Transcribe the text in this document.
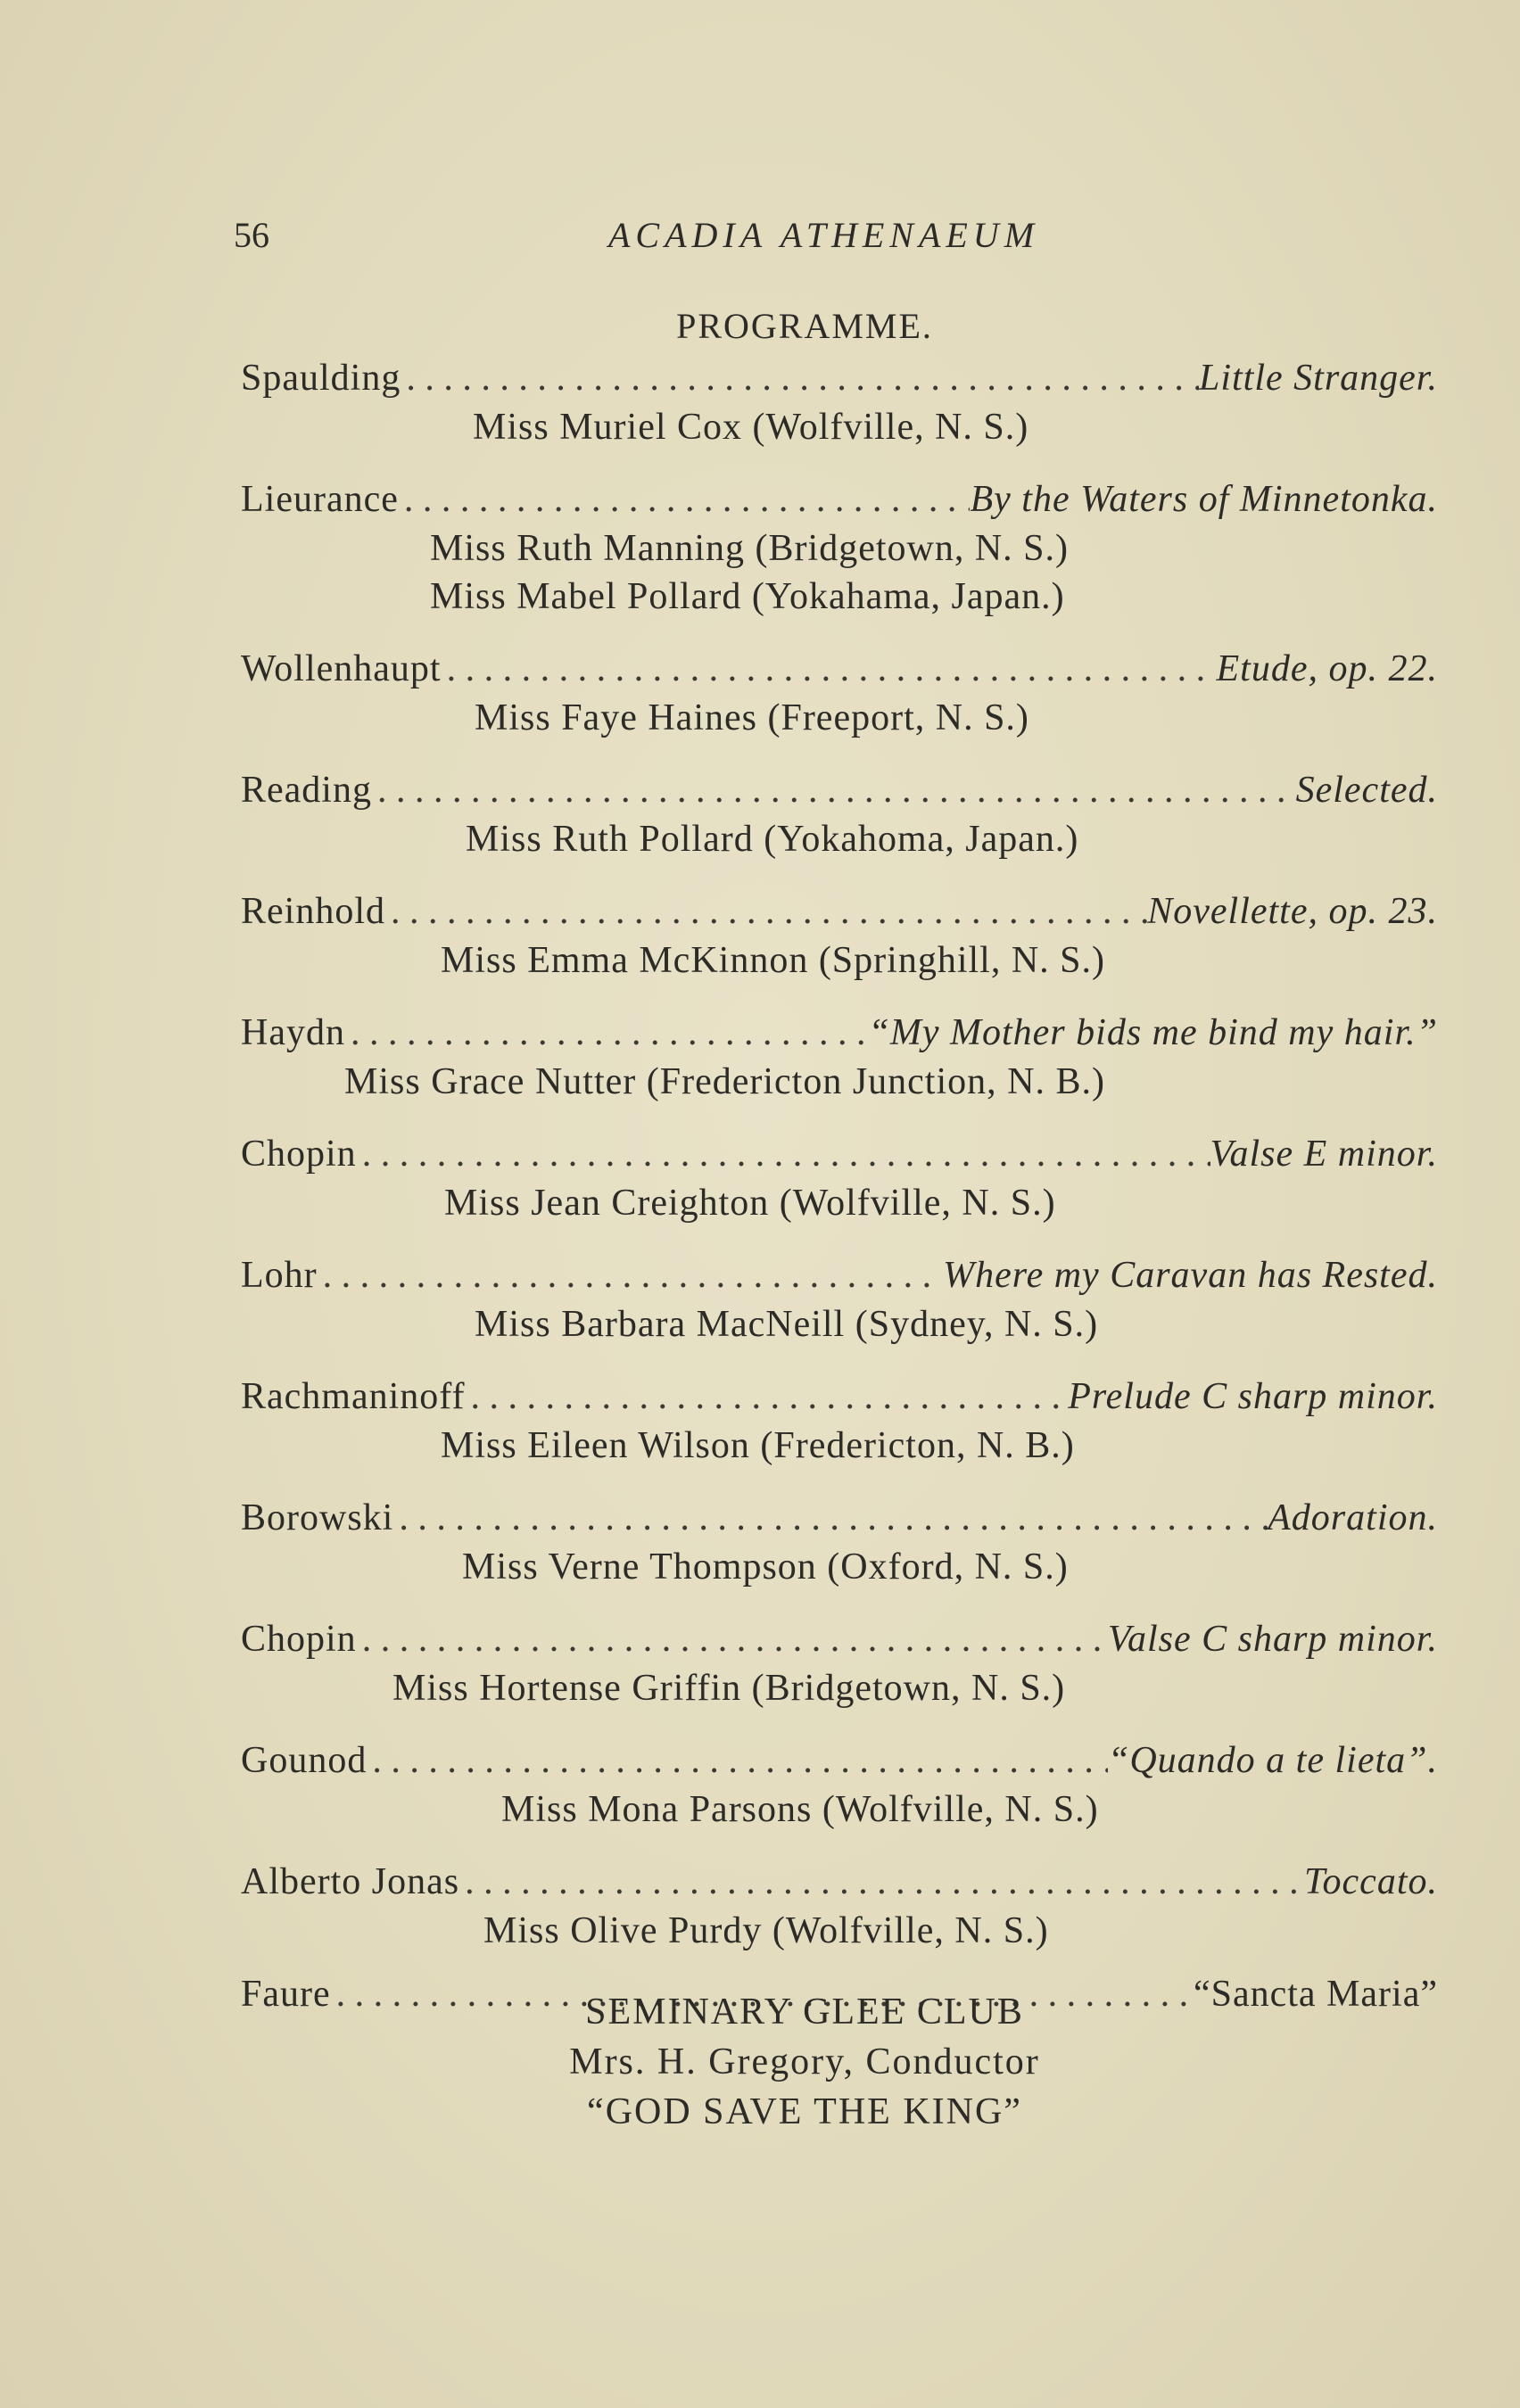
56	ACADIA ATHENAEUM
PROGRAMME.
Spaulding . . .	Little Stranger.
Miss Muriel Cox (Wolfville, N. S.)
Lieurance . . .	By the Waters of Minnetonka.
Miss Ruth Manning (Bridgetown, N. S.)
Miss Mabel Pollard (Yokahama, Japan.)
Wollenhaupt . . .	Etude, op. 22.
Miss Faye Haines (Freeport, N. S.)
Reading . . .	Selected.
Miss Ruth Pollard (Yokahoma, Japan.)
Reinhold . . .	Novellette, op. 23.
Miss Emma McKinnon (Springhill, N. S.)
Haydn . . .	“My Mother bids me bind my hair.”
Miss Grace Nutter (Fredericton Junction, N. B.)
Chopin . . .	Valse E minor.
Miss Jean Creighton (Wolfville, N. S.)
Lohr . . .	Where my Caravan has Rested.
Miss Barbara MacNeill (Sydney, N. S.)
Rachmaninoff . . .	Prelude C sharp minor.
Miss Eileen Wilson (Fredericton, N. B.)
Borowski . . .	Adoration.
Miss Verne Thompson (Oxford, N. S.)
Chopin . . .	Valse C sharp minor.
Miss Hortense Griffin (Bridgetown, N. S.)
Gounod . . .	“Quando a te lieta”.
Miss Mona Parsons (Wolfville, N. S.)
Alberto Jonas . . .	Toccato.
Miss Olive Purdy (Wolfville, N. S.)
Faure . . .	“Sancta Maria”
SEMINARY GLEE CLUB
Mrs. H. Gregory, Conductor
“GOD SAVE THE KING”
